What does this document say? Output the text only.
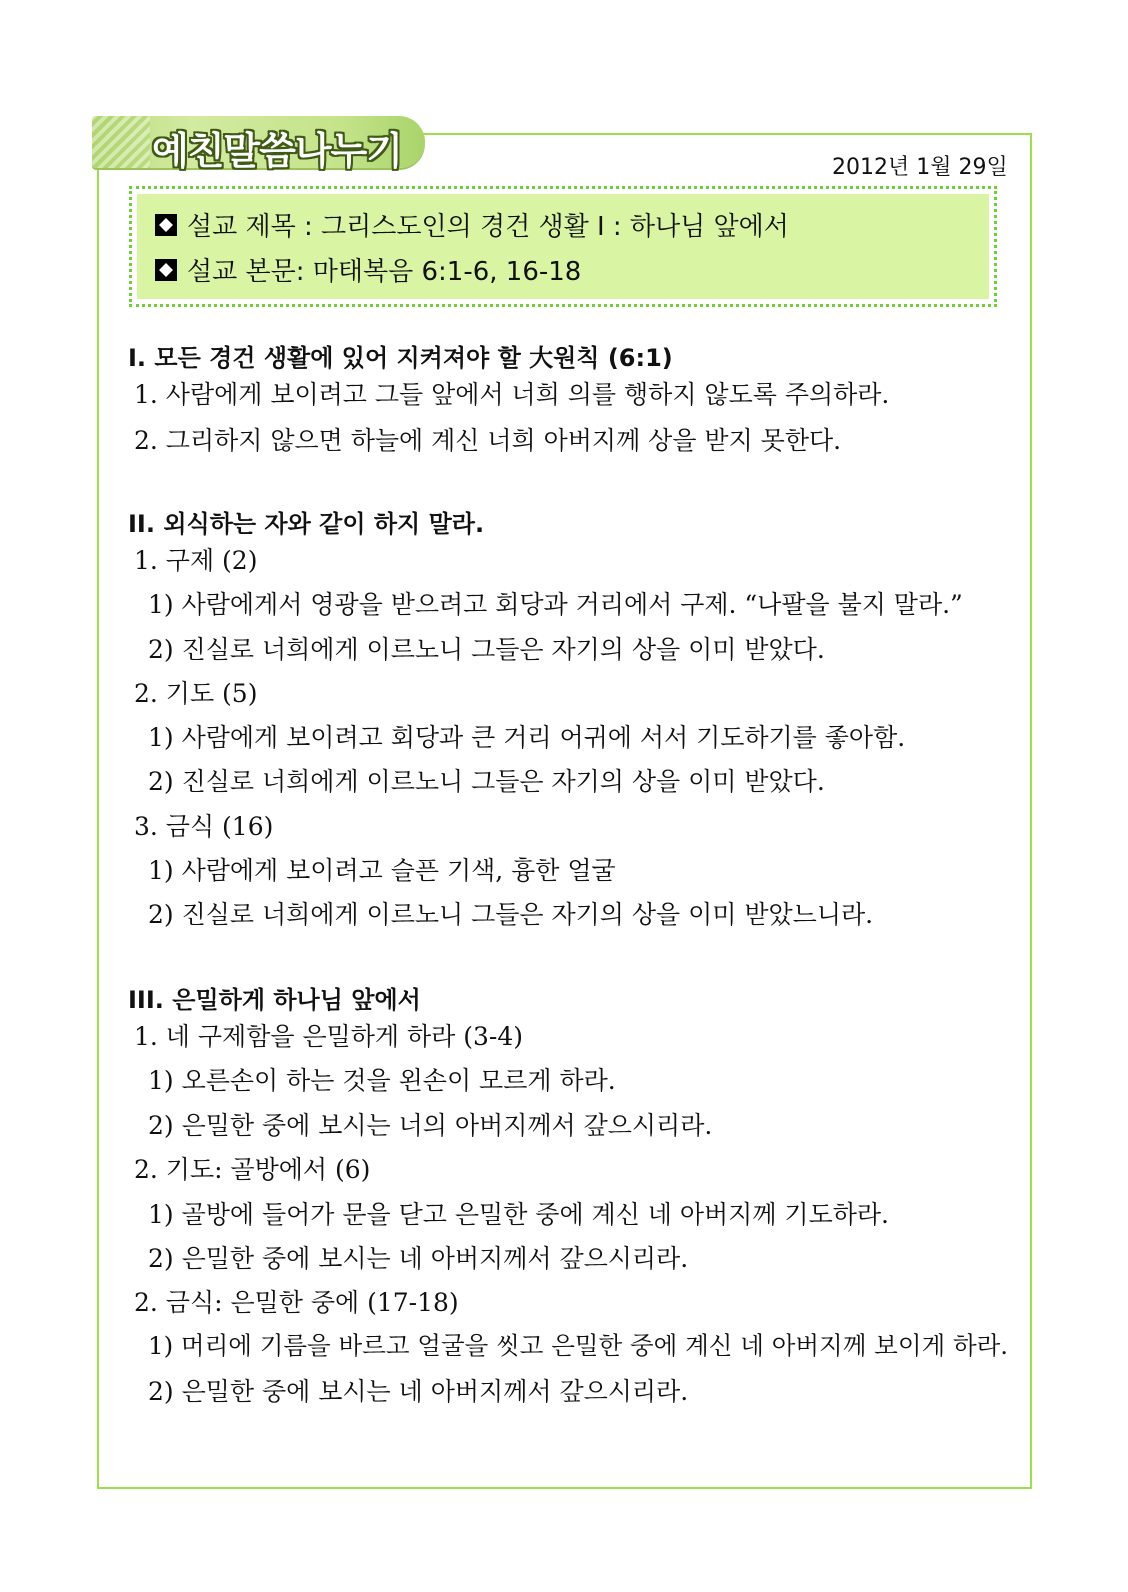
예친말씀나누기	2012년 1월 29일
설교 제목 : 그리스도인의 경건 생활 Ⅰ : 하나님 앞에서
설교 본문: 마태복음 6:1-6, 16-18
I. 모든 경건 생활에 있어 지켜져야 할 大원칙 (6:1)
1. 사람에게 보이려고 그들 앞에서 너희 의를 행하지 않도록 주의하라.
2. 그리하지 않으면 하늘에 계신 너희 아버지께 상을 받지 못한다.
II. 외식하는 자와 같이 하지 말라.
1. 구제 (2)
1) 사람에게서 영광을 받으려고 회당과 거리에서 구제. “나팔을 불지 말라.”
2) 진실로 너희에게 이르노니 그들은 자기의 상을 이미 받았다.
2. 기도 (5)
1) 사람에게 보이려고 회당과 큰 거리 어귀에 서서 기도하기를 좋아함.
2) 진실로 너희에게 이르노니 그들은 자기의 상을 이미 받았다.
3. 금식 (16)
1) 사람에게 보이려고 슬픈 기색, 흉한 얼굴
2) 진실로 너희에게 이르노니 그들은 자기의 상을 이미 받았느니라.
III. 은밀하게 하나님 앞에서
1. 네 구제함을 은밀하게 하라 (3-4)
1) 오른손이 하는 것을 왼손이 모르게 하라.
2) 은밀한 중에 보시는 너의 아버지께서 갚으시리라.
2. 기도: 골방에서 (6)
1) 골방에 들어가 문을 닫고 은밀한 중에 계신 네 아버지께 기도하라.
2) 은밀한 중에 보시는 네 아버지께서 갚으시리라.
2. 금식: 은밀한 중에 (17-18)
1) 머리에 기름을 바르고 얼굴을 씻고 은밀한 중에 계신 네 아버지께 보이게 하라.
2) 은밀한 중에 보시는 네 아버지께서 갚으시리라.
